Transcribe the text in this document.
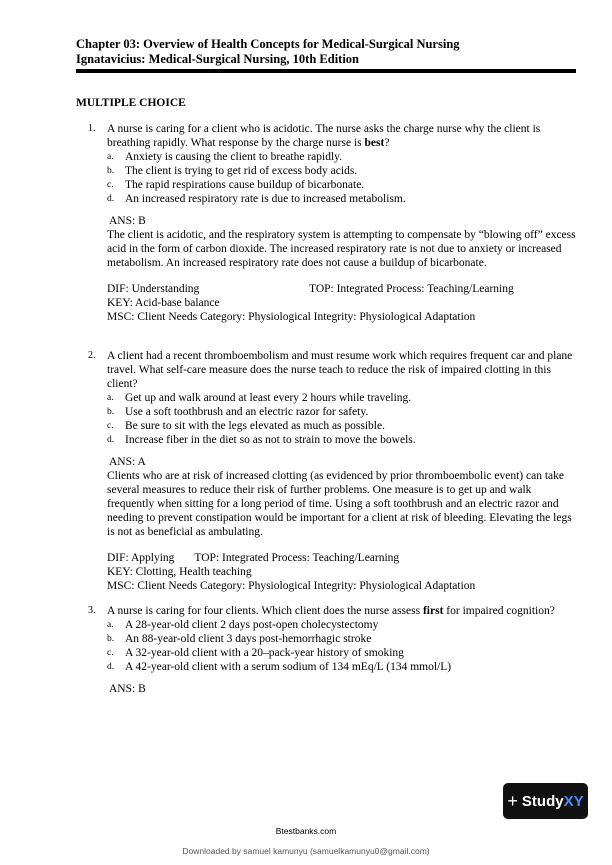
Chapter 03: Overview of Health Concepts for Medical-Surgical Nursing
Ignatavicius: Medical-Surgical Nursing, 10th Edition
MULTIPLE CHOICE
1. A nurse is caring for a client who is acidotic. The nurse asks the charge nurse why the client is breathing rapidly. What response by the charge nurse is best?
a. Anxiety is causing the client to breathe rapidly.
b. The client is trying to get rid of excess body acids.
c. The rapid respirations cause buildup of bicarbonate.
d. An increased respiratory rate is due to increased metabolism.
ANS: B
The client is acidotic, and the respiratory system is attempting to compensate by “blowing off” excess acid in the form of carbon dioxide. The increased respiratory rate is not due to anxiety or increased metabolism. An increased respiratory rate does not cause a buildup of bicarbonate.
DIF: Understanding	TOP: Integrated Process: Teaching/Learning
KEY: Acid-base balance
MSC: Client Needs Category: Physiological Integrity: Physiological Adaptation
2. A client had a recent thromboembolism and must resume work which requires frequent car and plane travel. What self-care measure does the nurse teach to reduce the risk of impaired clotting in this client?
a. Get up and walk around at least every 2 hours while traveling.
b. Use a soft toothbrush and an electric razor for safety.
c. Be sure to sit with the legs elevated as much as possible.
d. Increase fiber in the diet so as not to strain to move the bowels.
ANS: A
Clients who are at risk of increased clotting (as evidenced by prior thromboembolic event) can take several measures to reduce their risk of further problems. One measure is to get up and walk frequently when sitting for a long period of time. Using a soft toothbrush and an electric razor and needing to prevent constipation would be important for a client at risk of bleeding. Elevating the legs is not as beneficial as ambulating.
DIF: Applying TOP: Integrated Process: Teaching/Learning
KEY: Clotting, Health teaching
MSC: Client Needs Category: Physiological Integrity: Physiological Adaptation
3. A nurse is caring for four clients. Which client does the nurse assess first for impaired cognition?
a. A 28-year-old client 2 days post-open cholecystectomy
b. An 88-year-old client 3 days post-hemorrhagic stroke
c. A 32-year-old client with a 20–pack-year history of smoking
d. A 42-year-old client with a serum sodium of 134 mEq/L (134 mmol/L)
ANS: B
+ Study XY
Btestbanks.com
Downloaded by samuel kamunyu (samuelkamunyu0@gmail.com)
